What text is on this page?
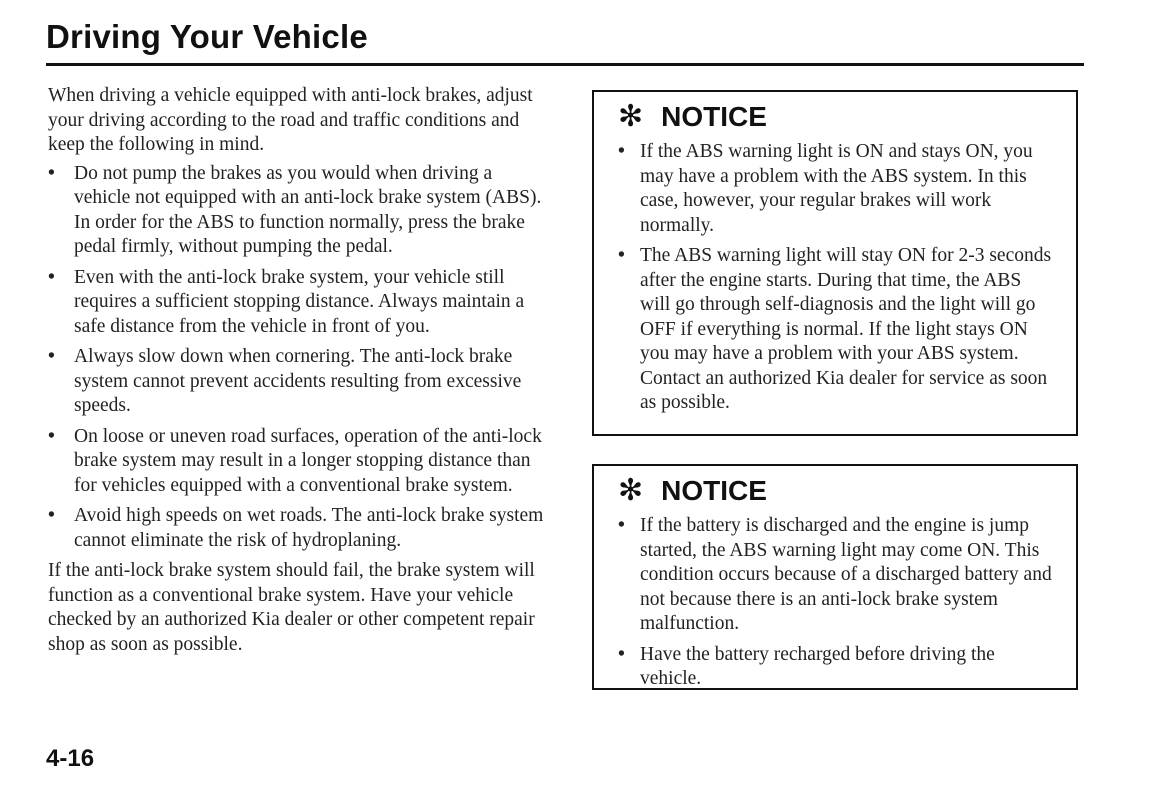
Driving Your Vehicle

When driving a vehicle equipped with anti-lock brakes, adjust your driving according to the road and traffic conditions and keep the following in mind.

• Do not pump the brakes as you would when driving a vehicle not equipped with an anti-lock brake system (ABS). In order for the ABS to function normally, press the brake pedal firmly, without pumping the pedal.
• Even with the anti-lock brake system, your vehicle still requires a sufficient stopping distance. Always maintain a safe distance from the vehicle in front of you.
• Always slow down when cornering. The anti-lock brake system cannot prevent accidents resulting from excessive speeds.
• On loose or uneven road surfaces, operation of the anti-lock brake system may result in a longer stopping distance than for vehicles equipped with a conventional brake system.
• Avoid high speeds on wet roads. The anti-lock brake system cannot eliminate the risk of hydroplaning.

If the anti-lock brake system should fail, the brake system will function as a conventional brake system. Have your vehicle checked by an authorized Kia dealer or other competent repair shop as soon as possible.

✻ NOTICE
• If the ABS warning light is ON and stays ON, you may have a problem with the ABS system. In this case, however, your regular brakes will work normally.
• The ABS warning light will stay ON for 2-3 seconds after the engine starts. During that time, the ABS will go through self-diagnosis and the light will go OFF if everything is normal. If the light stays ON you may have a problem with your ABS system. Contact an authorized Kia dealer for service as soon as possible.
✻ NOTICE
• If the battery is discharged and the engine is jump started, the ABS warning light may come ON. This condition occurs because of a discharged battery and not because there is an anti-lock brake system malfunction.
• Have the battery recharged before driving the vehicle.
4-16
